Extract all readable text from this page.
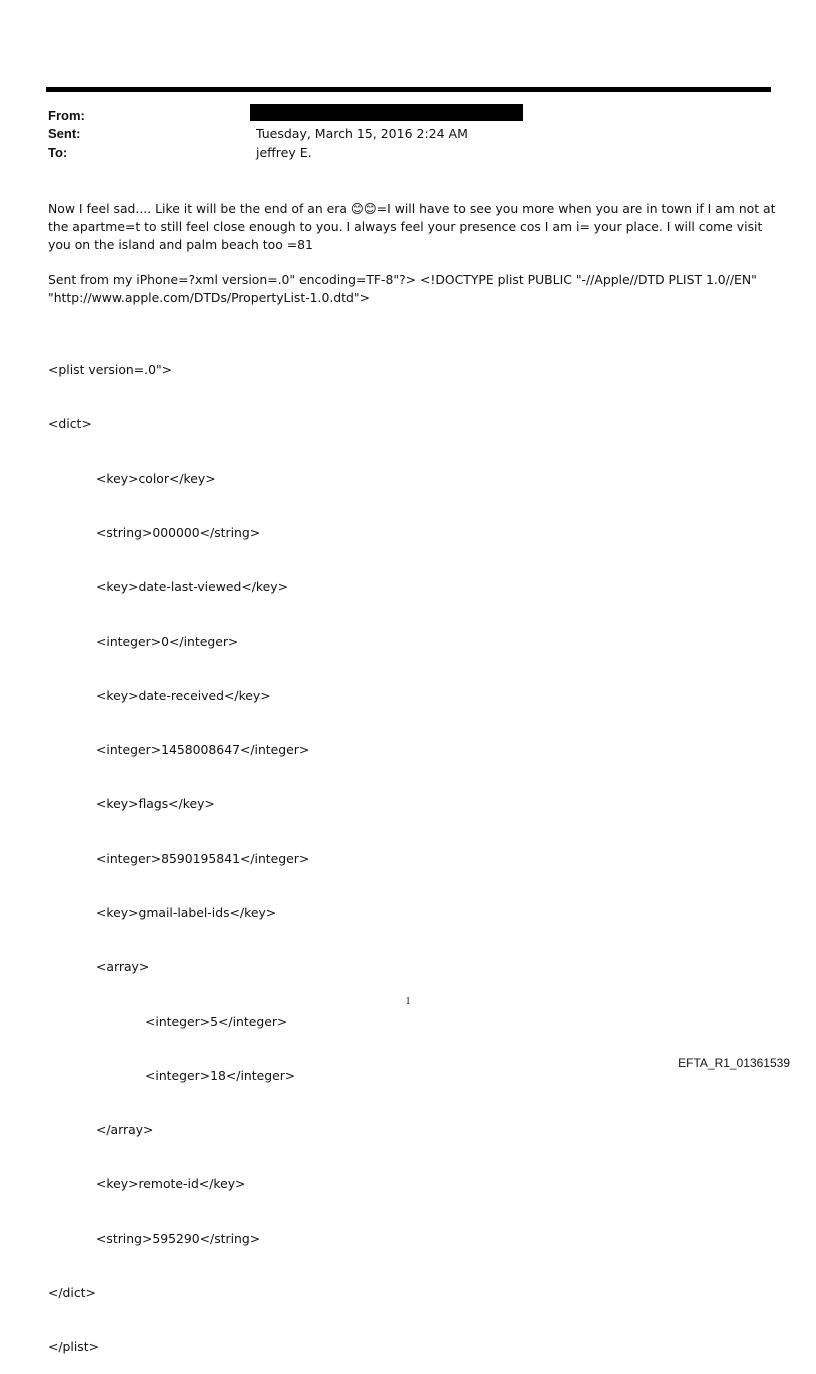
From:
Sent:	Tuesday, March 15, 2016 2:24 AM
To:	jeffrey E.
Now I feel sad.... Like it will be the end of an era 😊😊=I will have to see you more when you are in town if I am not at the apartme=t to still feel close enough to you. I always feel your presence cos I am i= your place. I will come visit you on the island and palm beach too =81
Sent from my iPhone=?xml version=.0" encoding=TF-8"?> <!DOCTYPE plist PUBLIC "-//Apple//DTD PLIST 1.0//EN"
"http://www.apple.com/DTDs/PropertyList-1.0.dtd">

<plist version=.0">

<dict>

<key>color</key>

<string>000000</string>

<key>date-last-viewed</key>

<integer>0</integer>

<key>date-received</key>

<integer>1458008647</integer>

<key>flags</key>

<integer>8590195841</integer>

<key>gmail-label-ids</key>

<array>

<integer>5</integer>

<integer>18</integer>

</array>

<key>remote-id</key>

<string>595290</string>

</dict>

</plist>

1
EFTA_R1_01361539
